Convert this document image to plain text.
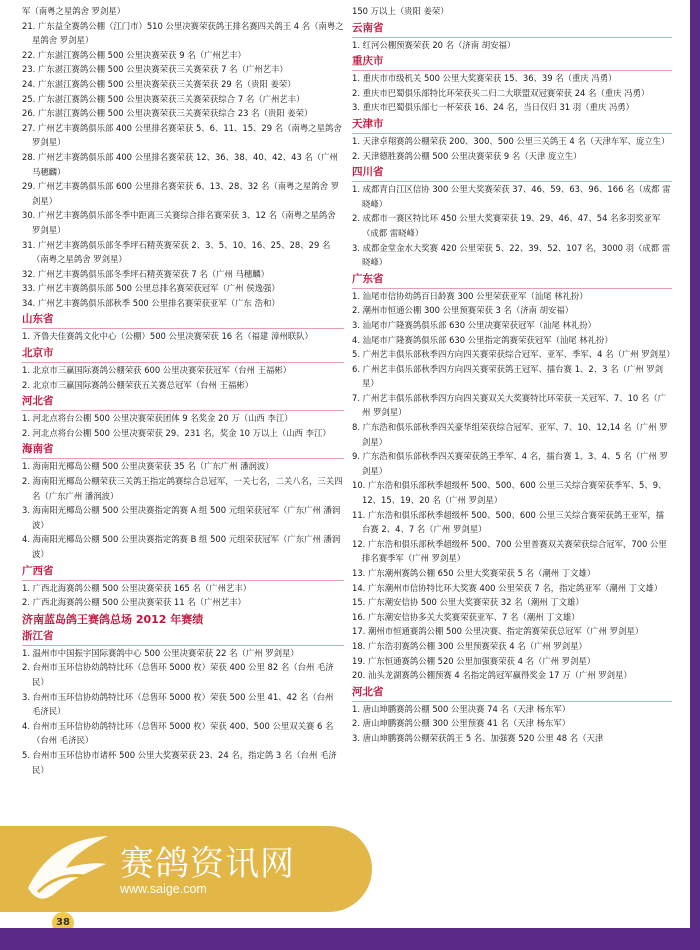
军（南粤之星鸽舍 罗剑星）

21. 广东益全赛鸽公棚（江门市）510 公里决赛荣获鸽王排名赛四关鸽王 4 名（南粤之星鸽舍 罗剑星）

22. 广东湛江赛鸽公棚 500 公里决赛荣获 9 名（广州艺丰）

23. 广东湛江赛鸽公棚 500 公里决赛荣获三关赛荣获 7 名（广州艺丰）

24. 广东湛江赛鸽公棚 500 公里决赛荣获三关赛荣获 29 名（贵阳 姜荣）

25. 广东湛江赛鸽公棚 500 公里决赛荣获三关赛荣获综合 7 名（广州艺丰）

26. 广东湛江赛鸽公棚 500 公里决赛荣获三关赛荣获综合 23 名（贵阳 姜荣）

27. 广州艺丰赛鸽俱乐部 400 公里排名赛荣获 5、6、11、15、29 名（南粤之星鸽舍 罗剑星）

28. 广州艺丰赛鸽俱乐部 400 公里排名赛荣获 12、36、38、40、42、43 名（广州 马穗麟）

29. 广州艺丰赛鸽俱乐部 600 公里排名赛荣获 6、13、28、32 名（南粤之星鸽舍 罗剑星）

30. 广州艺丰赛鸽俱乐部冬季中距离三关赛综合排名赛荣获 3、12 名（南粤之星鸽舍 罗剑星）

31. 广州艺丰赛鸽俱乐部冬季坪石精英赛荣获 2、3、5、10、16、25、28、29 名（南粤之星鸽舍 罗剑星）

32. 广州艺丰赛鸽俱乐部冬季坪石精英赛荣获 7 名（广州 马穗麟）

33. 广州艺丰赛鸽俱乐部 500 公里总排名赛荣获冠军（广州 侯逸强）

34. 广州艺丰赛鸽俱乐部秋季 500 公里排名赛荣获亚军（广东 浩和）

山东省

1. 齐鲁夫佳赛鸽文化中心（公棚）500 公里决赛荣获 16 名（福建 漳州联队）

北京市

1. 北京市三赢国际赛鸽公棚荣获 600 公里决赛荣获冠军（台州 王福彬）

2. 北京市三赢国际赛鸽公棚荣获五关赛总冠军（台州 王福彬）

河北省

1. 河北点将台公棚 500 公里决赛荣获团体 9 名奖金 20 万（山西 李江）

2. 河北点将台公棚 500 公里决赛荣获 29、231 名，奖金 10 万以上（山西 李江）

海南省

1. 海南阳光椰岛公棚 500 公里决赛荣获 35 名（广东广州 潘润波）

2. 海南阳光椰岛公棚荣获三关鸽王指定鸽赛综合总冠军，一关七名，二关八名，三关四名（广东广州 潘润波）

3. 海南阳光椰岛公棚 500 公里决赛指定鸽赛 A 组 500 元组荣获冠军（广东广州 潘润波）

4. 海南阳光椰岛公棚 500 公里决赛指定鸽赛 B 组 500 元组荣获冠军（广东广州 潘润波）

广西省

1. 广西北海赛鸽公棚 500 公里决赛荣获 165 名（广州艺丰）

2. 广西北海赛鸽公棚 500 公里决赛荣获 11 名（广州艺丰）

济南蓝岛鸽王赛鸽总场 2012 年赛绩
浙江省

1. 温州市中国振宇国际赛鸽中心 500 公里决赛荣获 22 名（广州 罗剑星）

2. 台州市玉环信协幼鸽特比环（总售环 5000 枚）荣获 400 公里 82 名（台州 毛济民）

3. 台州市玉环信协幼鸽特比环（总售环 5000 枚）荣获 500 公里 41、42 名（台州 毛济民）

4. 台州市玉环信协幼鸽特比环（总售环 5000 枚）荣获 400、500 公里双关赛 6 名（台州 毛济民）

5. 台州市玉环信协市诸杯 500 公里大奖赛荣获 23、24 名，指定鸽 3 名（台州 毛济民）

150 万以上（贵阳 姜荣）

云南省

1. 红河公棚预赛荣获 20 名（济南 胡安福）

重庆市

1. 重庆市市级机关 500 公里大奖赛荣获 15、36、39 名（重庆 冯勇）

2. 重庆市巴蜀俱乐部特比环荣获买二归二大联盟双冠赛荣获 24 名（重庆 冯勇）

3. 重庆市巴蜀俱乐部七一杯荣获 16、24 名，当日仅归 31 羽（重庆 冯勇）

天津市

1. 天津卓翔赛鸽公棚荣获 200、300、500 公里三关鸽王 4 名（天津车军、庞立生）

2. 天津德胜赛鸽公棚 500 公里决赛荣获 9 名（天津 庞立生）

四川省

1. 成都青白江区信协 300 公里大奖赛荣获 37、46、59、63、96、166 名（成都 雷晓峰）

2. 成都市一赛区特比环 450 公里大奖赛荣获 19、29、46、47、54 名多羽奖亚军（成都 雷晓峰）

3. 成都金堂金水大奖赛 420 公里荣获 5、22、39、52、107 名，3000 羽（成都 雷晓峰）

广东省

1. 汕尾市信协幼鸽百日龄赛 300 公里荣获亚军（汕尾 林礼扮）

2. 潮州市恒通公棚 300 公里预赛荣获 3 名（济南 胡安福）

3. 汕尾市广隆赛鸽俱乐部 630 公里决赛荣获冠军（汕尾 林礼扮）

4. 汕尾市广隆赛鸽俱乐部 630 公里指定鸽赛荣获冠军（汕尾 林礼扮）

5. 广州艺丰俱乐部秋季四方向四关赛荣获综合冠军、亚军、季军、4 名（广州 罗剑星）

6. 广州艺丰俱乐部秋季四方向四关赛荣获鸽王冠军、擂台赛 1、2、3 名（广州 罗剑星）

7. 广州艺丰俱乐部秋季四方向四关赛双关大奖赛特比环荣获一关冠军、7、10 名（广州 罗剑星）

8. 广东浩和俱乐部秋季四关豪华组荣获综合冠军、亚军、7、10、12,14 名（广州 罗剑星）

9. 广东浩和俱乐部秋季四关赛荣获鸽王季军、4 名，擂台赛 1、3、4、5 名（广州 罗剑星）

10. 广东浩和俱乐部秋季超级杯 500、500、600 公里三关综合赛荣获季军、5、9、12、15、19、20 名（广州 罗剑星）

11. 广东浩和俱乐部秋季超级杯 500、500、600 公里三关综合赛荣获鸽王亚军，擂台赛 2、4、7 名（广州 罗剑星）

12. 广东浩和俱乐部秋季超级杯 500、700 公里普赛双关赛荣获综合冠军，700 公里排名赛季军（广州 罗剑星）

13. 广东潮州赛鸽公棚 650 公里大奖赛荣获 5 名（潮州 丁文雄）

14. 广东潮州市信协特比环大奖赛 400 公里荣获 7 名，指定鸽亚军（潮州 丁文雄）

15. 广东潮安信协 500 公里大奖赛荣获 32 名（潮州 丁文雄）

16. 广东潮安信协多关大奖赛荣获亚军、7 名（潮州 丁文雄）

17. 潮州市恒通赛鸽公棚 500 公里决赛、指定鸽赛荣获总冠军（广州 罗剑星）

18. 广东浩羽赛鸽公棚 300 公里预赛荣获 4 名（广州 罗剑星）

19. 广东恒通赛鸽公棚 520 公里加强赛荣获 4 名（广州 罗剑星）

20. 汕头龙湖赛鸽公棚预赛 4 名指定鸽冠军赢得奖金 17 万（广州 罗剑星）

河北省

1. 唐山坤鹏赛鸽公棚 500 公里决赛 74 名（天津 杨东军）

2. 唐山坤鹏赛鸽公棚 300 公里预赛 41 名（天津 杨东军）

3. 唐山坤鹏赛鸽公棚荣获鸽王 5 名、加强赛 520 公里 48 名（天津

赛鸽资讯网
www.saige.com
38
